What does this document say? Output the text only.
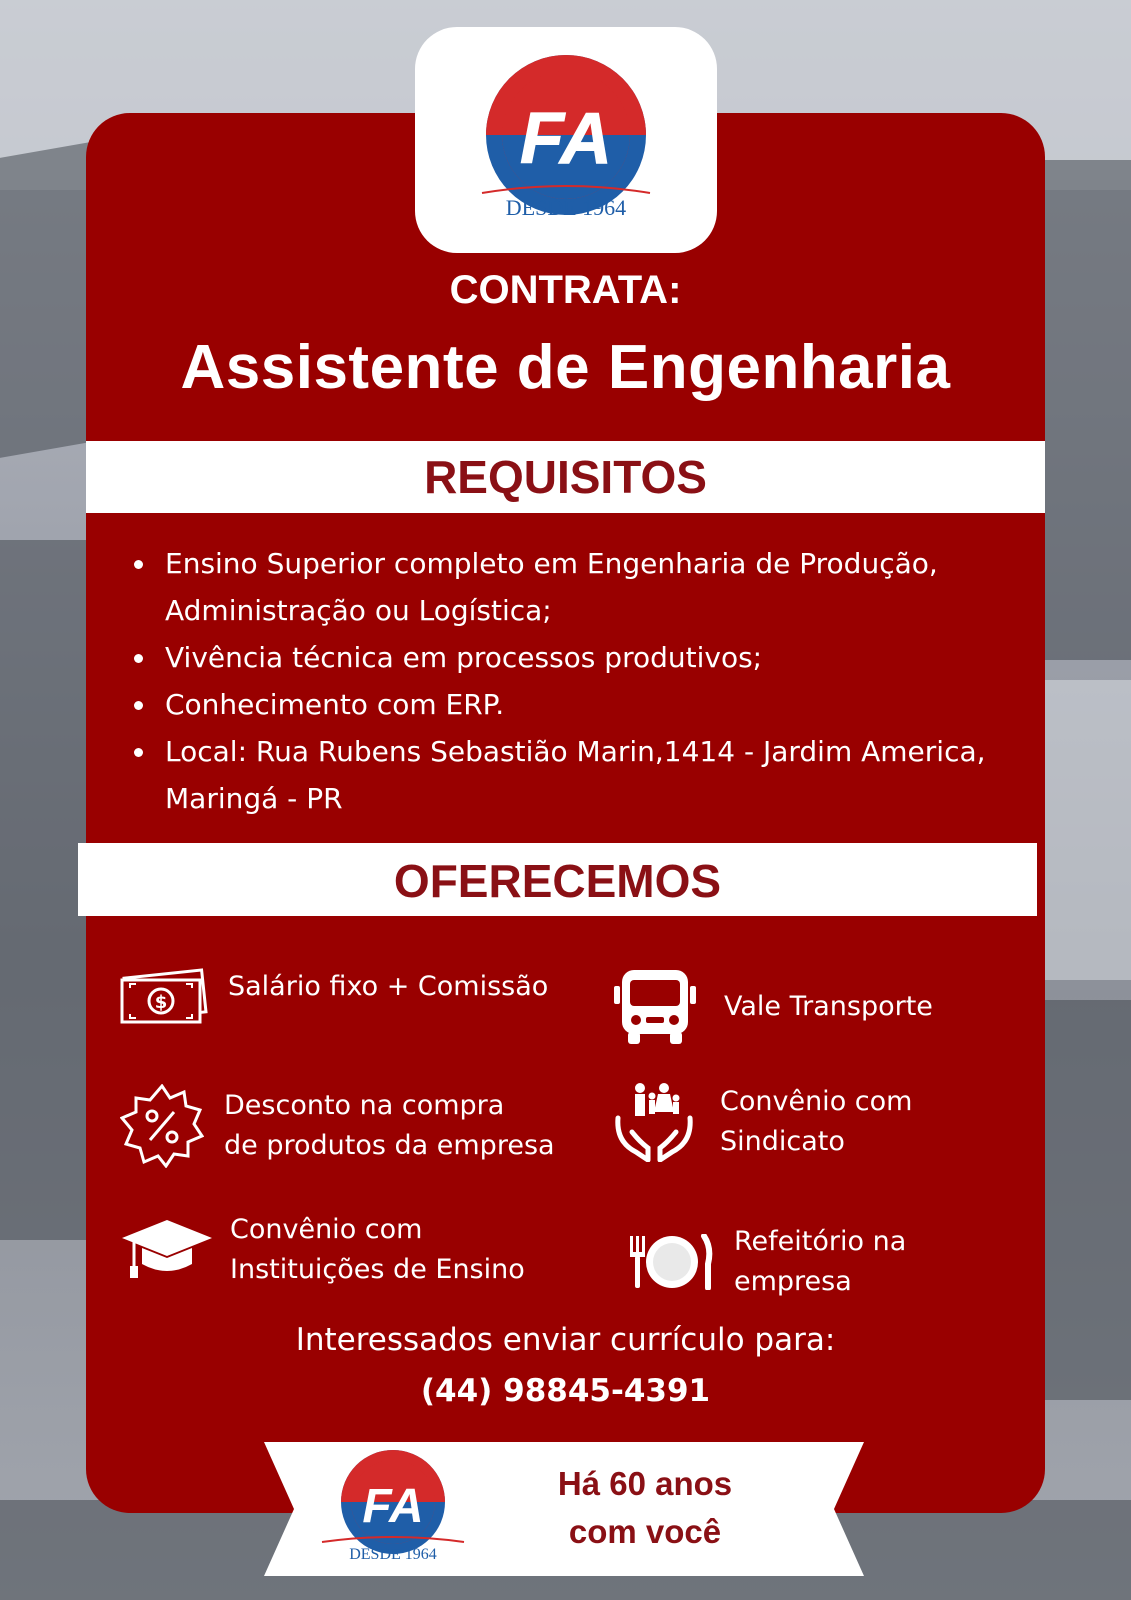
FA
DESDE 1964
CONTRATA:
Assistente de Engenharia
REQUISITOS
Ensino Superior completo em Engenharia de Produção, Administração ou Logística;
Vivência técnica em processos produtivos;
Conhecimento com ERP.
Local: Rua Rubens Sebastião Marin,1414 - Jardim America, Maringá - PR
OFERECEMOS
$
Salário fixo + Comissão
Vale Transporte
Desconto na compra
de produtos da empresa
Convênio com
Sindicato
Convênio com
Instituições de Ensino
Refeitório na
empresa
Interessados enviar currículo para:
(44) 98845-4391
FA
DESDE 1964
Há 60 anos
com você
